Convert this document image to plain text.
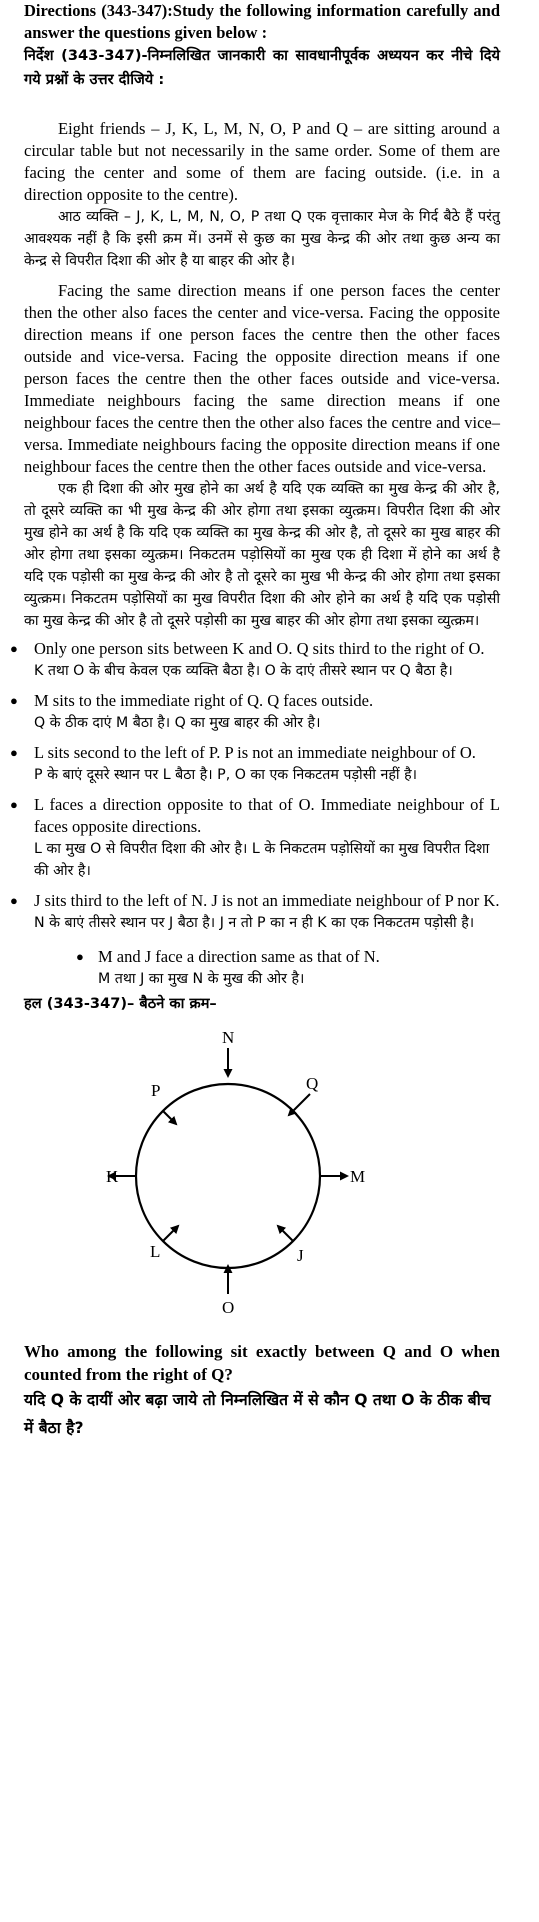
Directions (343-347):Study the following information carefully and answer the questions given below :
निर्देश (343-347)-निम्नलिखित जानकारी का सावधानीपूर्वक अध्ययन कर नीचे दिये गये प्रश्नों के उत्तर दीजिये :
Eight friends – J, K, L, M, N, O, P and Q – are sitting around a circular table but not necessarily in the same order. Some of them are facing the center and some of them are facing outside. (i.e. in a direction opposite to the centre).
आठ व्यक्ति – J, K, L, M, N, O, P तथा Q एक वृत्ताकार मेज के गिर्द बैठे हैं परंतु आवश्यक नहीं है कि इसी क्रम में। उनमें से कुछ का मुख केन्द्र की ओर तथा कुछ अन्य का केन्द्र से विपरीत दिशा की ओर है या बाहर की ओर है।
Facing the same direction means if one person faces the center then the other also faces the center and vice-versa. Facing the opposite direction means if one person faces the centre then the other faces outside and vice-versa. Facing the opposite direction means if one person faces the centre then the other faces outside and vice-versa. Immediate neighbours facing the same direction means if one neighbour faces the centre then the other also faces the centre and vice–versa. Immediate neighbours facing the opposite direction means if one neighbour faces the centre then the other faces outside and vice-versa.
एक ही दिशा की ओर मुख होने का अर्थ है यदि एक व्यक्ति का मुख केन्द्र की ओर है, तो दूसरे व्यक्ति का भी मुख केन्द्र की ओर होगा तथा इसका व्युत्क्रम। विपरीत दिशा की ओर मुख होने का अर्थ है कि यदि एक व्यक्ति का मुख केन्द्र की ओर है, तो दूसरे का मुख बाहर की ओर होगा तथा इसका व्युत्क्रम। निकटतम पड़ोसियों का मुख एक ही दिशा में होने का अर्थ है यदि एक पड़ोसी का मुख केन्द्र की ओर है तो दूसरे का मुख भी केन्द्र की ओर होगा तथा इसका व्युत्क्रम। निकटतम पड़ोसियों का मुख विपरीत दिशा की ओर होने का अर्थ है यदि एक पड़ोसी का मुख केन्द्र की ओर है तो दूसरे पड़ोसी का मुख बाहर की ओर होगा तथा इसका व्युत्क्रम।
● Only one person sits between K and O. Q sits third to the right of O.
K तथा O के बीच केवल एक व्यक्ति बैठा है। O के दाएं तीसरे स्थान पर Q बैठा है।
● M sits to the immediate right of Q. Q faces outside.
Q के ठीक दाएं M बैठा है। Q का मुख बाहर की ओर है।
● L sits second to the left of P. P is not an immediate neighbour of O.
P के बाएं दूसरे स्थान पर L बैठा है। P, O का एक निकटतम पड़ोसी नहीं है।
● L faces a direction opposite to that of O. Immediate neighbour of L faces opposite directions.
L का मुख O से विपरीत दिशा की ओर है। L के निकटतम पड़ोसियों का मुख विपरीत दिशा की ओर है।
● J sits third to the left of N. J is not an immediate neighbour of P nor K.
N के बाएं तीसरे स्थान पर J बैठा है। J न तो P का न ही K का एक निकटतम पड़ोसी है।
● M and J face a direction same as that of N.
M तथा J का मुख N के मुख की ओर है।
हल (343-347)– बैठने का क्रम–
N
Q
M
J
O
L
K
P
Who among the following sit exactly between Q and O when counted from the right of Q?
यदि Q के दायीं ओर बढ़ा जाये तो निम्नलिखित में से कौन Q तथा O के ठीक बीच में बैठा है?
